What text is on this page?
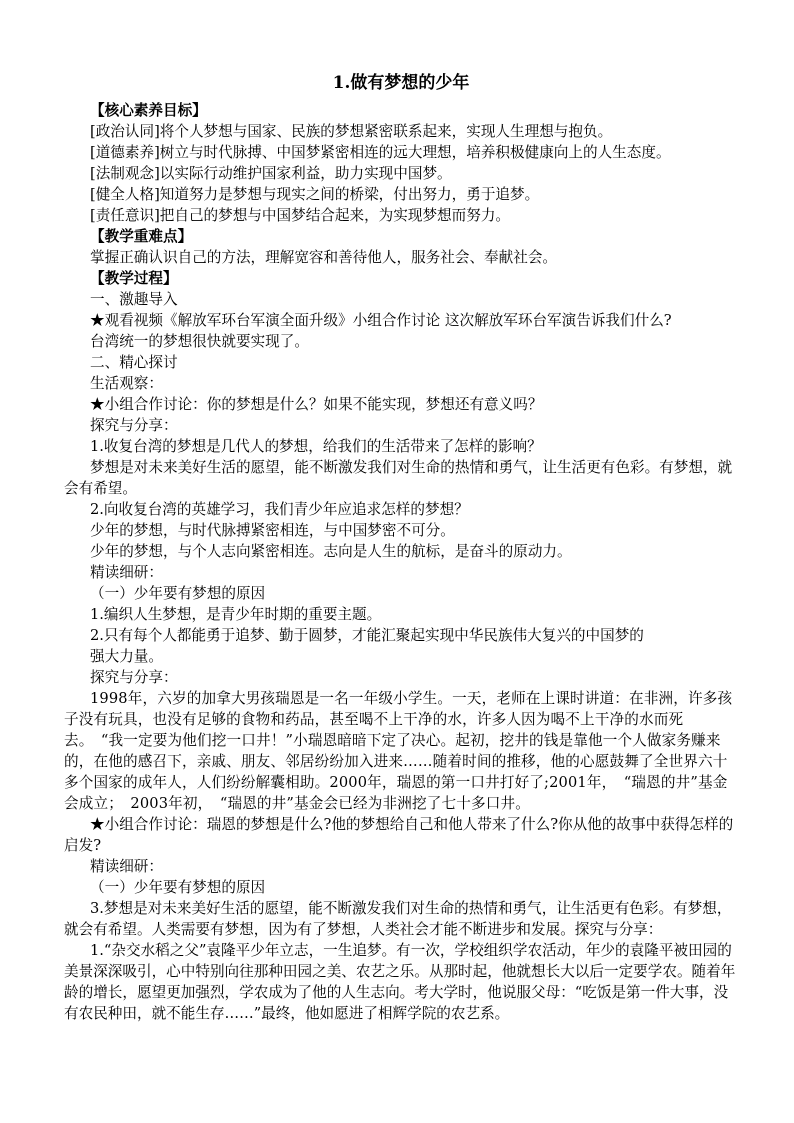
1.做有梦想的少年

【核心素养目标】

[政治认同]将个人梦想与国家、民族的梦想紧密联系起来，实现人生理想与抱负。

[道德素养]树立与时代脉搏、中国梦紧密相连的远大理想，培养积极健康向上的人生态度。

[法制观念]以实际行动维护国家利益，助力实现中国梦。

[健全人格]知道努力是梦想与现实之间的桥梁，付出努力，勇于追梦。

[责任意识]把自己的梦想与中国梦结合起来，为实现梦想而努力。

【教学重难点】

掌握正确认识自己的方法，理解宽容和善待他人，服务社会、奉献社会。

【教学过程】

一、激趣导入

★观看视频《解放军环台军演全面升级》小组合作讨论 这次解放军环台军演告诉我们什么?

台湾统一的梦想很快就要实现了。

二、精心探讨

生活观察：

★小组合作讨论：你的梦想是什么？如果不能实现，梦想还有意义吗？

探究与分享：

1.收复台湾的梦想是几代人的梦想，给我们的生活带来了怎样的影响？

梦想是对未来美好生活的愿望，能不断激发我们对生命的热情和勇气，让生活更有色彩。有梦想，就会有希望。

2.向收复台湾的英雄学习，我们青少年应追求怎样的梦想？

少年的梦想，与时代脉搏紧密相连，与中国梦密不可分。

少年的梦想，与个人志向紧密相连。志向是人生的航标，是奋斗的原动力。

精读细研：

（一）少年要有梦想的原因

1.编织人生梦想，是青少年时期的重要主题。

2.只有每个人都能勇于追梦、勤于圆梦，才能汇聚起实现中华民族伟大复兴的中国梦的

强大力量。

探究与分享：

1998年，六岁的加拿大男孩瑞恩是一名一年级小学生。一天，老师在上课时讲道：在非洲，许多孩子没有玩具，也没有足够的食物和药品，甚至喝不上干净的水，许多人因为喝不上干净的水而死去。　“我一定要为他们挖一口井！”小瑞恩暗暗下定了决心。起初，挖井的钱是靠他一个人做家务赚来的，在他的感召下，亲戚、朋友、邻居纷纷加入进来……随着时间的推移，他的心愿鼓舞了全世界六十多个国家的成年人，人们纷纷解囊相助。2000年，瑞恩的第一口井打好了;2001年，　“瑞恩的井”基金会成立；　2003年初，　“瑞恩的井”基金会已经为非洲挖了七十多口井。

★小组合作讨论：瑞恩的梦想是什么?他的梦想给自己和他人带来了什么?你从他的故事中获得怎样的启发?

精读细研：

（一）少年要有梦想的原因

3.梦想是对未来美好生活的愿望，能不断激发我们对生命的热情和勇气，让生活更有色彩。有梦想，就会有希望。人类需要有梦想，因为有了梦想，人类社会才能不断进步和发展。探究与分享：

1.“杂交水稻之父”袁隆平少年立志，一生追梦。有一次，学校组织学农活动，年少的袁隆平被田园的美景深深吸引，心中特别向往那种田园之美、农艺之乐。从那时起，他就想长大以后一定要学农。随着年龄的增长，愿望更加强烈，学农成为了他的人生志向。考大学时，他说服父母：“吃饭是第一件大事，没有农民种田，就不能生存……”最终，他如愿进了相辉学院的农艺系。
